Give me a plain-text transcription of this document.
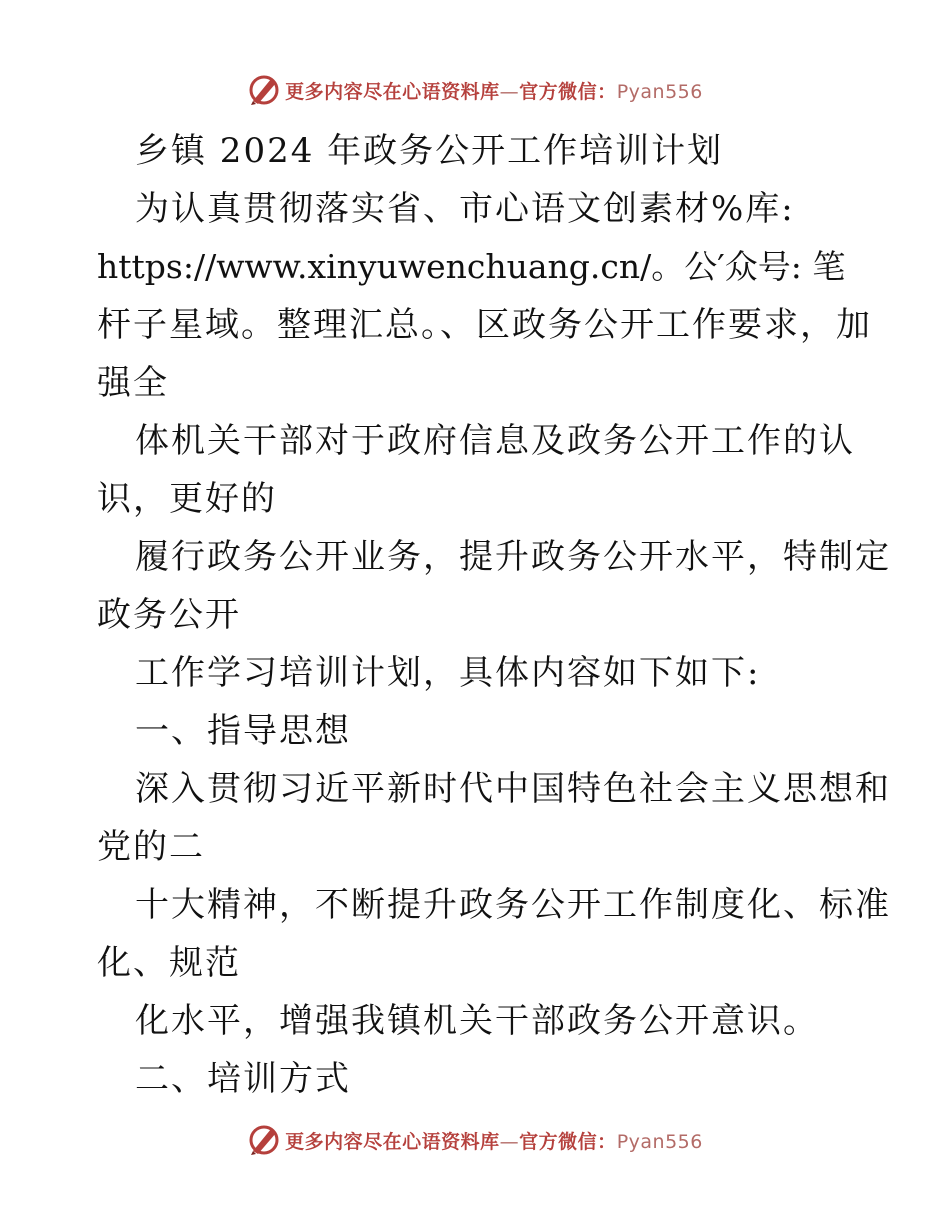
更多内容尽在心语资料库—官方微信：Pyan556
乡镇 2024 年政务公开工作培训计划
为认真贯彻落实省、市心语文创素材%库:
https://www.xinyuwenchuang.cn/。公′众号: 笔
杆子星域。整理汇总。、区政务公开工作要求，加
强全
体机关干部对于政府信息及政务公开工作的认
识，更好的
履行政务公开业务，提升政务公开水平，特制定
政务公开
工作学习培训计划，具体内容如下如下:
一、指导思想
深入贯彻习近平新时代中国特色社会主义思想和
党的二
十大精神，不断提升政务公开工作制度化、标准
化、规范
化水平，增强我镇机关干部政务公开意识。
二、培训方式
更多内容尽在心语资料库—官方微信：Pyan556
